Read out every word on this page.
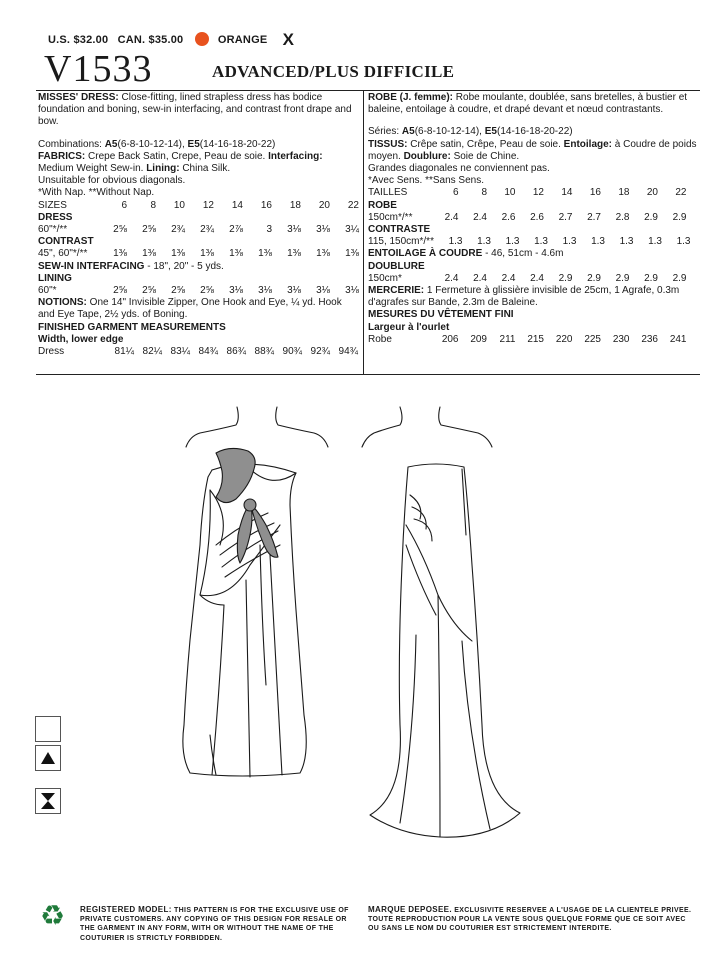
U.S. $32.00 CAN. $35.00	ORANGE X
V1533	ADVANCED/PLUS DIFFICILE

MISSES' DRESS: Close-fitting, lined strapless dress has bodice foundation and boning, sew-in interfacing, and contrast front drape and bow.

Combinations: A5(6-8-10-12-14), E5(14-16-18-20-22)

FABRICS: Crepe Back Satin, Crepe, Peau de soie. Interfacing: Medium Weight Sew-in. Lining: China Silk.

Unsuitable for obvious diagonals.

*With Nap. **Without Nap.

SIZES	6	8	10	12	14	16	18	20	22

DRESS

60"*/**	2⅝	2⅝	2¾	2¾	2⅞	3	3⅛	3⅛	3¼

CONTRAST

45", 60"*/**	1⅜	1⅜	1⅜	1⅜	1⅜	1⅜	1⅜	1⅜	1⅜

SEW-IN INTERFACING - 18", 20" - 5 yds.

LINING

60"*	2⅝	2⅝	2⅝	2⅝	3⅛	3⅛	3⅛	3⅛	3⅛

NOTIONS: One 14" Invisible Zipper, One Hook and Eye, ¼ yd. Hook and Eye Tape, 2½ yds. of Boning.

FINISHED GARMENT MEASUREMENTS

Width, lower edge

Dress	81¼ 82¼ 83¼ 84¾ 86¾ 88¾ 90¾ 92¾ 94¾

ROBE (J. femme): Robe moulante, doublée, sans bretelles, à bustier et baleine, entoilage à coudre, et drapé devant et nœud contrastants.

Séries: A5(6-8-10-12-14), E5(14-16-18-20-22)

TISSUS: Crêpe satin, Crêpe, Peau de soie. Entoilage: à Coudre de poids moyen. Doublure: Soie de Chine.

Grandes diagonales ne conviennent pas.

*Avec Sens. **Sans Sens.

TAILLES	6	8	10	12	14	16	18	20	22

ROBE

150cm*/**	2.4	2.4	2.6	2.6	2.7	2.7	2.8	2.9	2.9

CONTRASTE

115, 150cm*/**	1.3	1.3	1.3	1.3	1.3	1.3	1.3	1.3	1.3

ENTOILAGE À COUDRE - 46, 51cm - 4.6m

DOUBLURE

150cm*	2.4	2.4	2.4	2.4	2.9	2.9	2.9	2.9	2.9

MERCERIE: 1 Fermeture à glissière invisible de 25cm, 1 Agrafe, 0.3m d'agrafes sur Bande, 2.3m de Baleine.

MESURES DU VÊTEMENT FINI

Largeur à l'ourlet

Robe	206	209	211	215	220	225	230	236	241
♻ REGISTERED MODEL: THIS PATTERN IS FOR THE EXCLUSIVE USE OF PRIVATE CUSTOMERS. ANY COPYING OF THIS DESIGN FOR RESALE OR THE GARMENT IN ANY FORM, WITH OR WITHOUT THE NAME OF THE COUTURIER IS STRICTLY FORBIDDEN.
MARQUE DEPOSEE. EXCLUSIVITE RESERVEE A L'USAGE DE LA CLIENTELE PRIVEE. TOUTE REPRODUCTION POUR LA VENTE SOUS QUELQUE FORME QUE CE SOIT AVEC OU SANS LE NOM DU COUTURIER EST STRICTEMENT INTERDITE.
